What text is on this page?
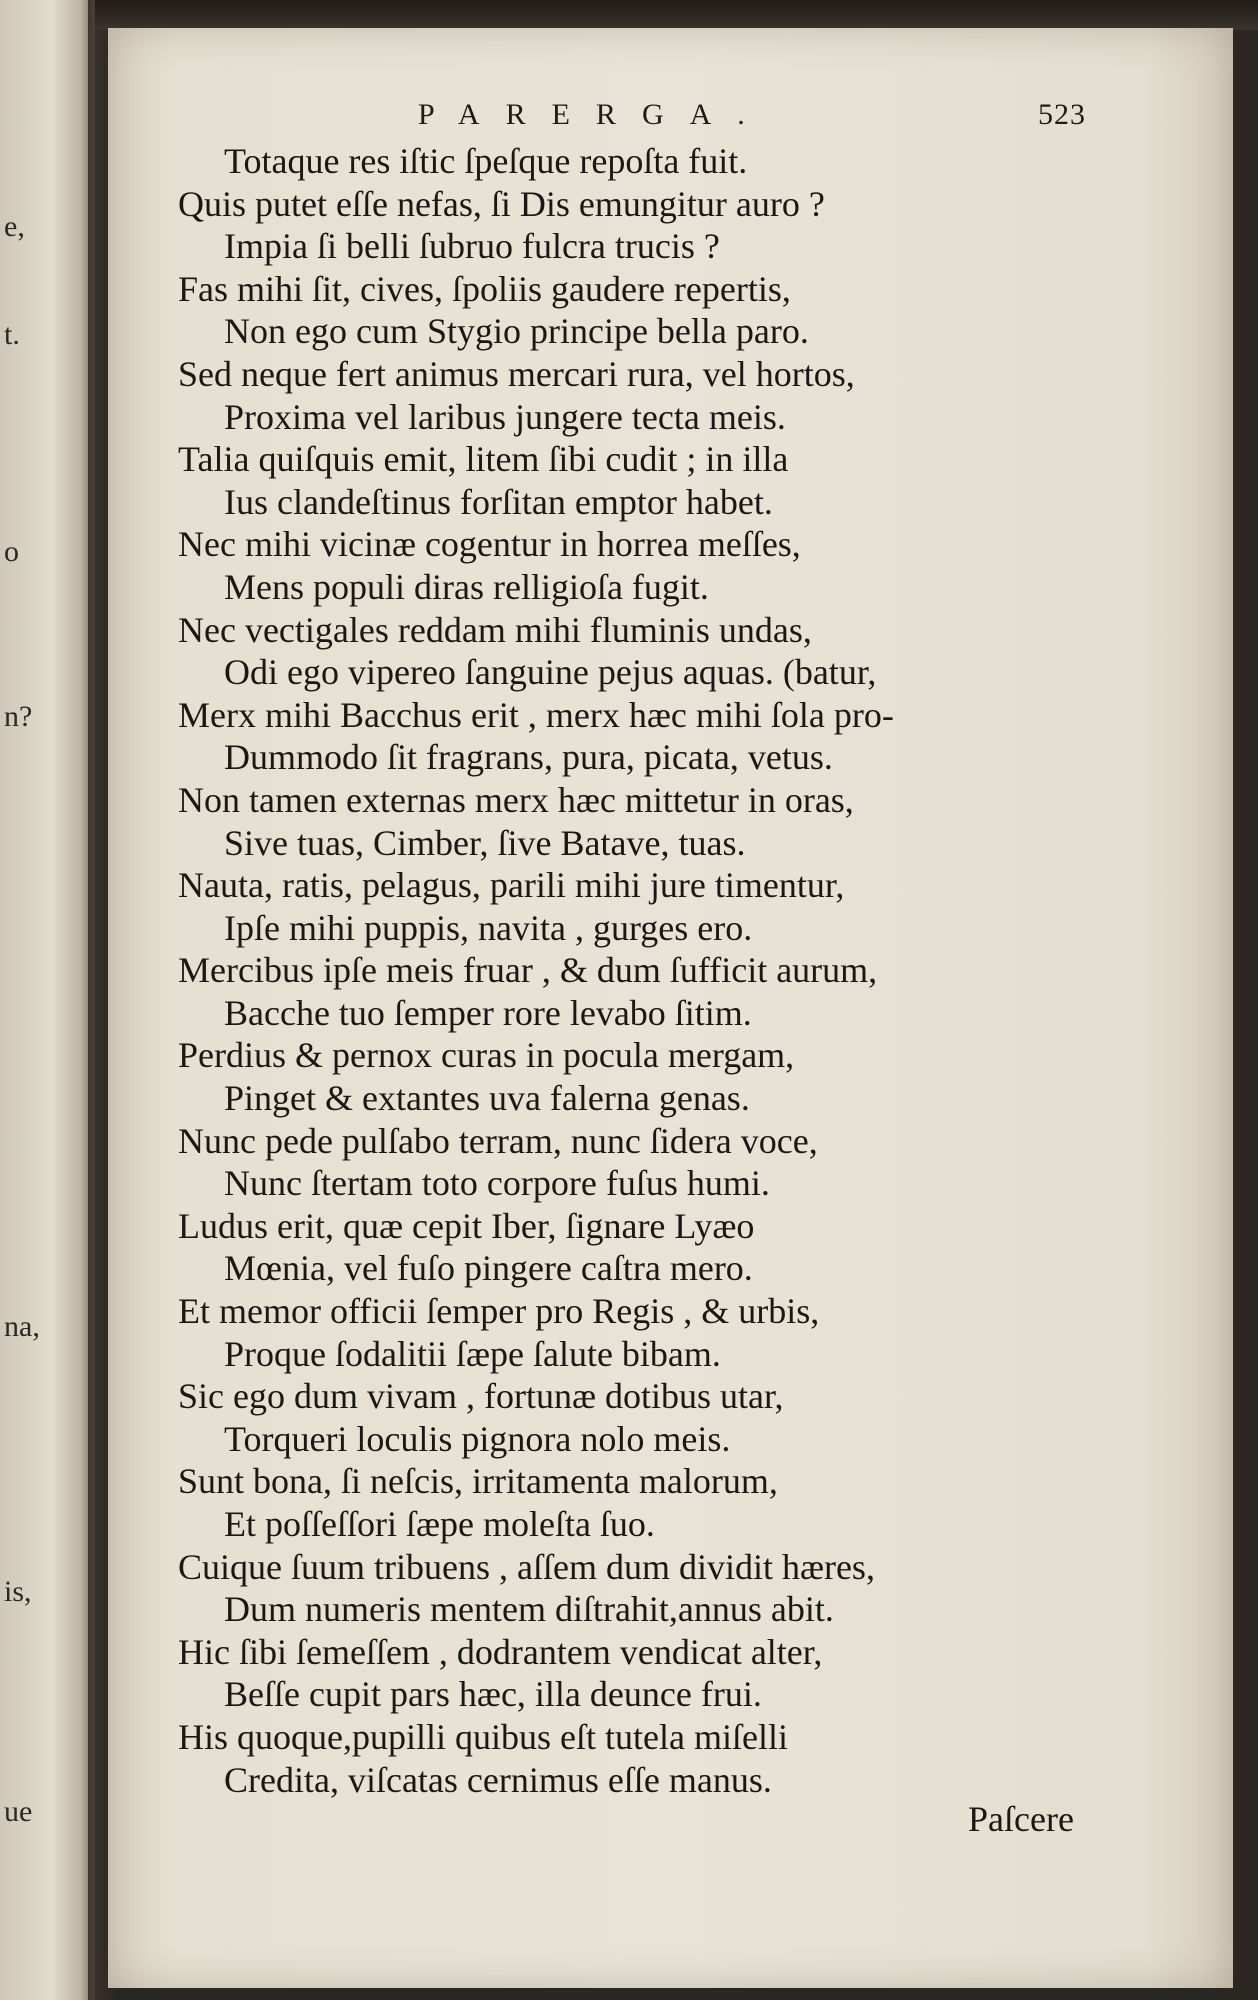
e,
t.
o
n?
na,
is,
ue
PARERGA.	523
Totaque res iſtic ſpeſque repoſta fuit.
Quis putet eſſe nefas, ſi Dis emungitur auro ?
Impia ſi belli ſubruo fulcra trucis ?
Fas mihi ſit, cives, ſpoliis gaudere repertis,
Non ego cum Stygio principe bella paro.
Sed neque fert animus mercari rura, vel hortos,
Proxima vel laribus jungere tecta meis.
Talia quiſquis emit, litem ſibi cudit ; in illa
Ius clandeſtinus forſitan emptor habet.
Nec mihi vicinæ cogentur in horrea meſſes,
Mens populi diras relligioſa fugit.
Nec vectigales reddam mihi fluminis undas,
Odi ego vipereo ſanguine pejus aquas. (batur,
Merx mihi Bacchus erit , merx hæc mihi ſola pro-
Dummodo ſit fragrans, pura, picata, vetus.
Non tamen externas merx hæc mittetur in oras,
Sive tuas, Cimber, ſive Batave, tuas.
Nauta, ratis, pelagus, parili mihi jure timentur,
Ipſe mihi puppis, navita , gurges ero.
Mercibus ipſe meis fruar , & dum ſufficit aurum,
Bacche tuo ſemper rore levabo ſitim.
Perdius & pernox curas in pocula mergam,
Pinget & extantes uva falerna genas.
Nunc pede pulſabo terram, nunc ſidera voce,
Nunc ſtertam toto corpore fuſus humi.
Ludus erit, quæ cepit Iber, ſignare Lyæo
Mœnia, vel fuſo pingere caſtra mero.
Et memor officii ſemper pro Regis , & urbis,
Proque ſodalitii ſæpe ſalute bibam.
Sic ego dum vivam , fortunæ dotibus utar,
Torqueri loculis pignora nolo meis.
Sunt bona, ſi neſcis, irritamenta malorum,
Et poſſeſſori ſæpe moleſta ſuo.
Cuique ſuum tribuens , aſſem dum dividit hæres,
Dum numeris mentem diſtrahit,annus abit.
Hic ſibi ſemeſſem , dodrantem vendicat alter,
Beſſe cupit pars hæc, illa deunce frui.
His quoque,pupilli quibus eſt tutela miſelli
Credita, viſcatas cernimus eſſe manus.
Paſcere
